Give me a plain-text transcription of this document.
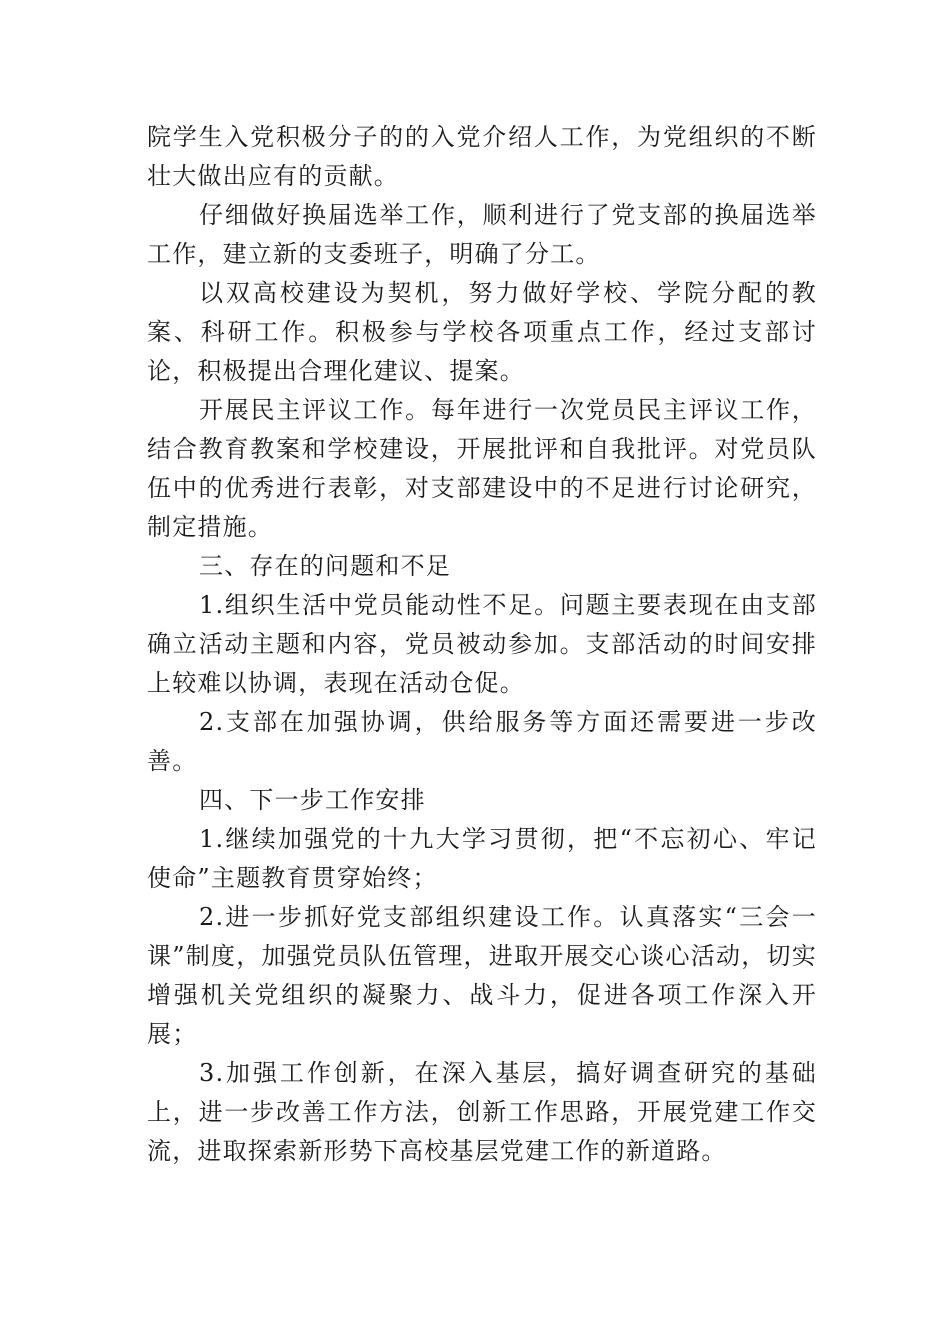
院学生入党积极分子的的入党介绍人工作，为党组织的不断壮大做出应有的贡献。

仔细做好换届选举工作，顺利进行了党支部的换届选举工作，建立新的支委班子，明确了分工。

以双高校建设为契机，努力做好学校、学院分配的教案、科研工作。积极参与学校各项重点工作，经过支部讨论，积极提出合理化建议、提案。

开展民主评议工作。每年进行一次党员民主评议工作，结合教育教案和学校建设，开展批评和自我批评。对党员队伍中的优秀进行表彰，对支部建设中的不足进行讨论研究，制定措施。

三、存在的问题和不足

1.组织生活中党员能动性不足。问题主要表现在由支部确立活动主题和内容，党员被动参加。支部活动的时间安排上较难以协调，表现在活动仓促。

2.支部在加强协调，供给服务等方面还需要进一步改善。

四、下一步工作安排

1.继续加强党的十九大学习贯彻，把“不忘初心、牢记使命”主题教育贯穿始终；

2.进一步抓好党支部组织建设工作。认真落实“三会一课”制度，加强党员队伍管理，进取开展交心谈心活动，切实增强机关党组织的凝聚力、战斗力，促进各项工作深入开展；

3.加强工作创新，在深入基层，搞好调查研究的基础上，进一步改善工作方法，创新工作思路，开展党建工作交流，进取探索新形势下高校基层党建工作的新道路。
